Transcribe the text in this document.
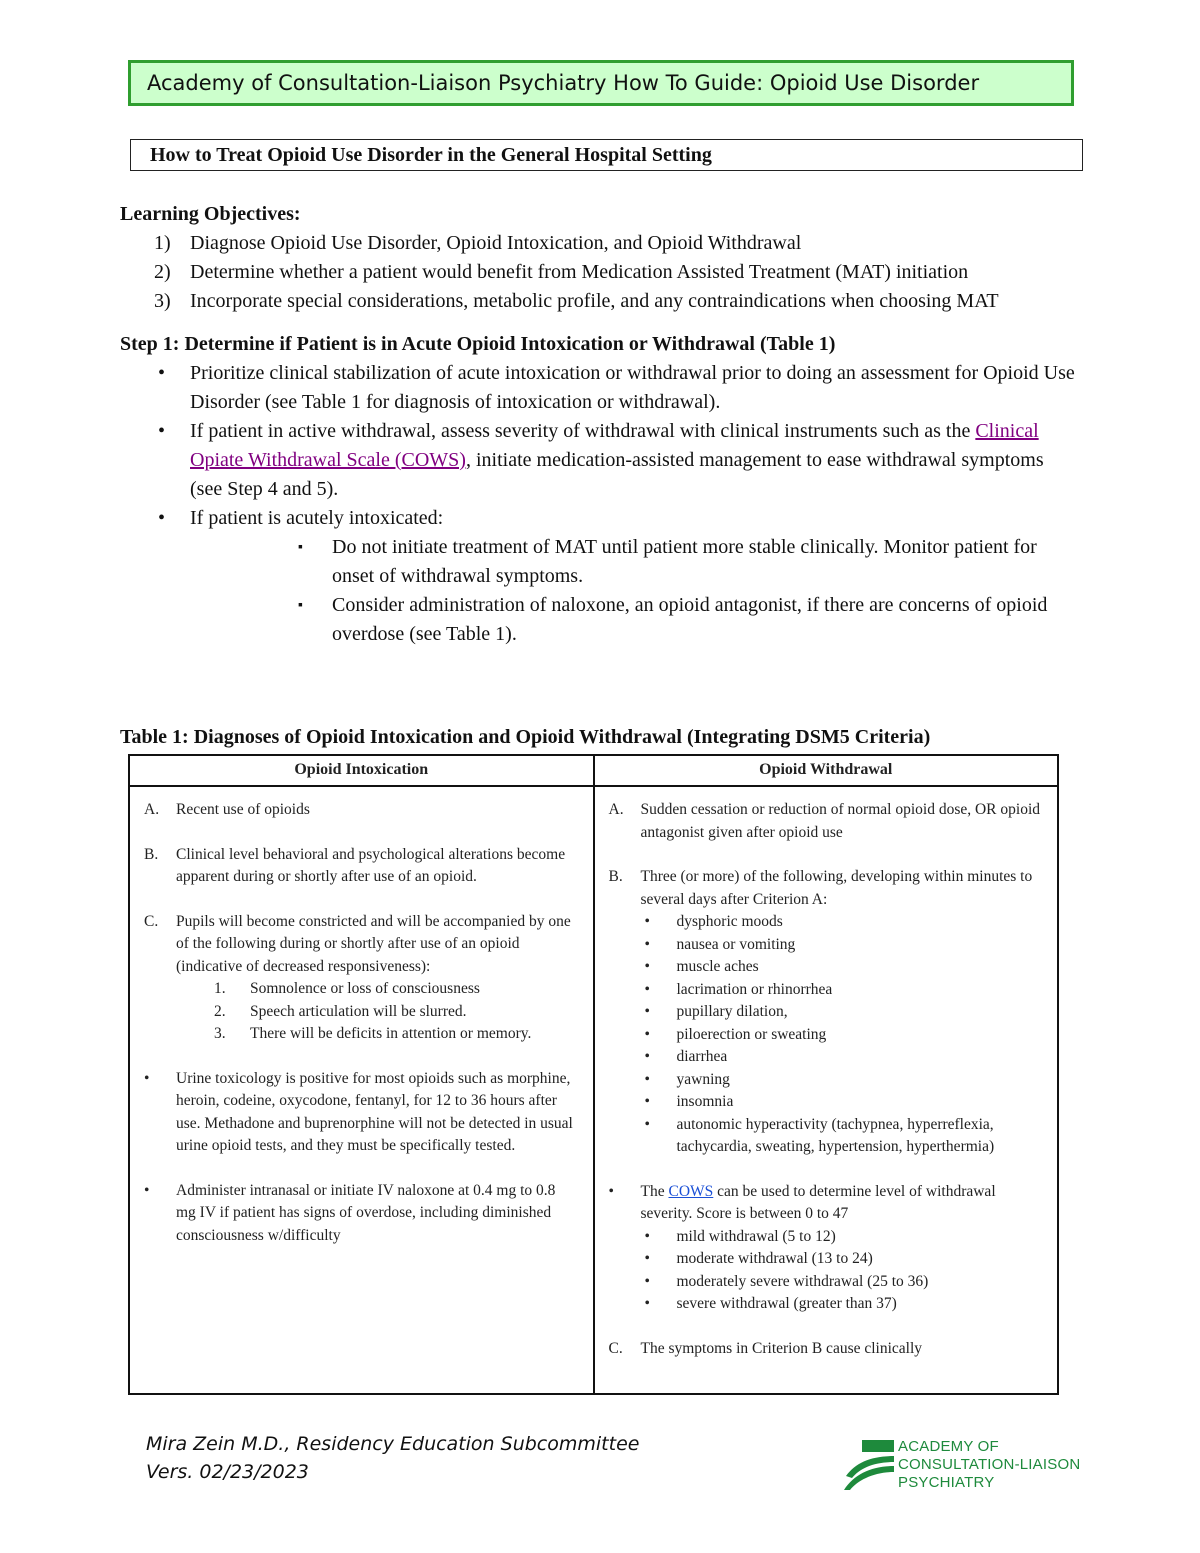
Academy of Consultation-Liaison Psychiatry How To Guide: Opioid Use Disorder
How to Treat Opioid Use Disorder in the General Hospital Setting
Learning Objectives:
1) Diagnose Opioid Use Disorder, Opioid Intoxication, and Opioid Withdrawal
2) Determine whether a patient would benefit from Medication Assisted Treatment (MAT) initiation
3) Incorporate special considerations, metabolic profile, and any contraindications when choosing MAT
Step 1: Determine if Patient is in Acute Opioid Intoxication or Withdrawal (Table 1)
• Prioritize clinical stabilization of acute intoxication or withdrawal prior to doing an assessment for Opioid Use Disorder (see Table 1 for diagnosis of intoxication or withdrawal).
• If patient in active withdrawal, assess severity of withdrawal with clinical instruments such as the Clinical Opiate Withdrawal Scale (COWS), initiate medication-assisted management to ease withdrawal symptoms (see Step 4 and 5).
• If patient is acutely intoxicated:
▪ Do not initiate treatment of MAT until patient more stable clinically. Monitor patient for onset of withdrawal symptoms.
▪ Consider administration of naloxone, an opioid antagonist, if there are concerns of opioid overdose (see Table 1).
Table 1: Diagnoses of Opioid Intoxication and Opioid Withdrawal (Integrating DSM5 Criteria)
Opioid Intoxication	Opioid Withdrawal
A. Recent use of opioids
B. Clinical level behavioral and psychological alterations become apparent during or shortly after use of an opioid.
C. Pupils will become constricted and will be accompanied by one of the following during or shortly after use of an opioid (indicative of decreased responsiveness):
1. Somnolence or loss of consciousness
2. Speech articulation will be slurred.
3. There will be deficits in attention or memory.
• Urine toxicology is positive for most opioids such as morphine, heroin, codeine, oxycodone, fentanyl, for 12 to 36 hours after use. Methadone and buprenorphine will not be detected in usual urine opioid tests, and they must be specifically tested.
• Administer intranasal or initiate IV naloxone at 0.4 mg to 0.8 mg IV if patient has signs of overdose, including diminished consciousness w/difficulty
A. Sudden cessation or reduction of normal opioid dose, OR opioid antagonist given after opioid use
B. Three (or more) of the following, developing within minutes to several days after Criterion A:
• dysphoric moods
• nausea or vomiting
• muscle aches
• lacrimation or rhinorrhea
• pupillary dilation,
• piloerection or sweating
• diarrhea
• yawning
• insomnia
• autonomic hyperactivity (tachypnea, hyperreflexia, tachycardia, sweating, hypertension, hyperthermia)
• The COWS can be used to determine level of withdrawal severity. Score is between 0 to 47
• mild withdrawal (5 to 12)
• moderate withdrawal (13 to 24)
• moderately severe withdrawal (25 to 36)
• severe withdrawal (greater than 37)
C. The symptoms in Criterion B cause clinically
Mira Zein M.D., Residency Education Subcommittee
Vers. 02/23/2023
ACADEMY OF
CONSULTATION-LIAISON
PSYCHIATRY
